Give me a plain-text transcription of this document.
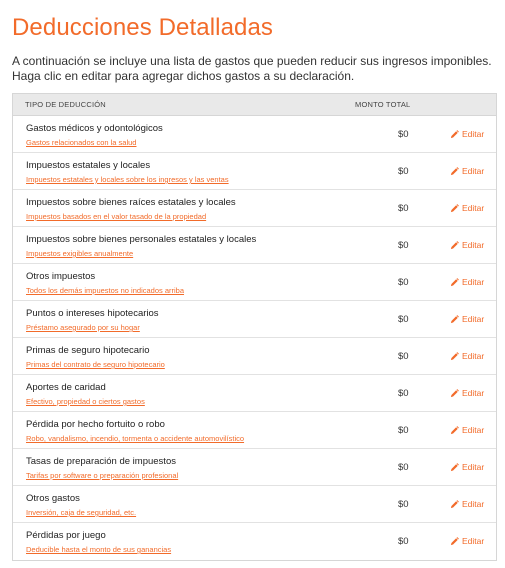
Deducciones Detalladas

A continuación se incluye una lista de gastos que pueden reducir sus ingresos imponibles. Haga clic en editar para agregar dichos gastos a su declaración.

TIPO DE DEDUCCIÓN	MONTO TOTAL
Gastos médicos y odontológicos
Gastos relacionados con la salud
$0	Editar
Impuestos estatales y locales
Impuestos estatales y locales sobre los ingresos y las ventas
$0	Editar
Impuestos sobre bienes raíces estatales y locales
Impuestos basados en el valor tasado de la propiedad
$0	Editar
Impuestos sobre bienes personales estatales y locales
Impuestos exigibles anualmente
$0	Editar
Otros impuestos
Todos los demás impuestos no indicados arriba
$0	Editar
Puntos o intereses hipotecarios
Préstamo asegurado por su hogar
$0	Editar
Primas de seguro hipotecario
Primas del contrato de seguro hipotecario
$0	Editar
Aportes de caridad
Efectivo, propiedad o ciertos gastos
$0	Editar
Pérdida por hecho fortuito o robo
Robo, vandalismo, incendio, tormenta o accidente automovilístico
$0	Editar
Tasas de preparación de impuestos
Tarifas por software o preparación profesional
$0	Editar
Otros gastos
Inversión, caja de seguridad, etc.
$0	Editar
Pérdidas por juego
Deducible hasta el monto de sus ganancias
$0	Editar
